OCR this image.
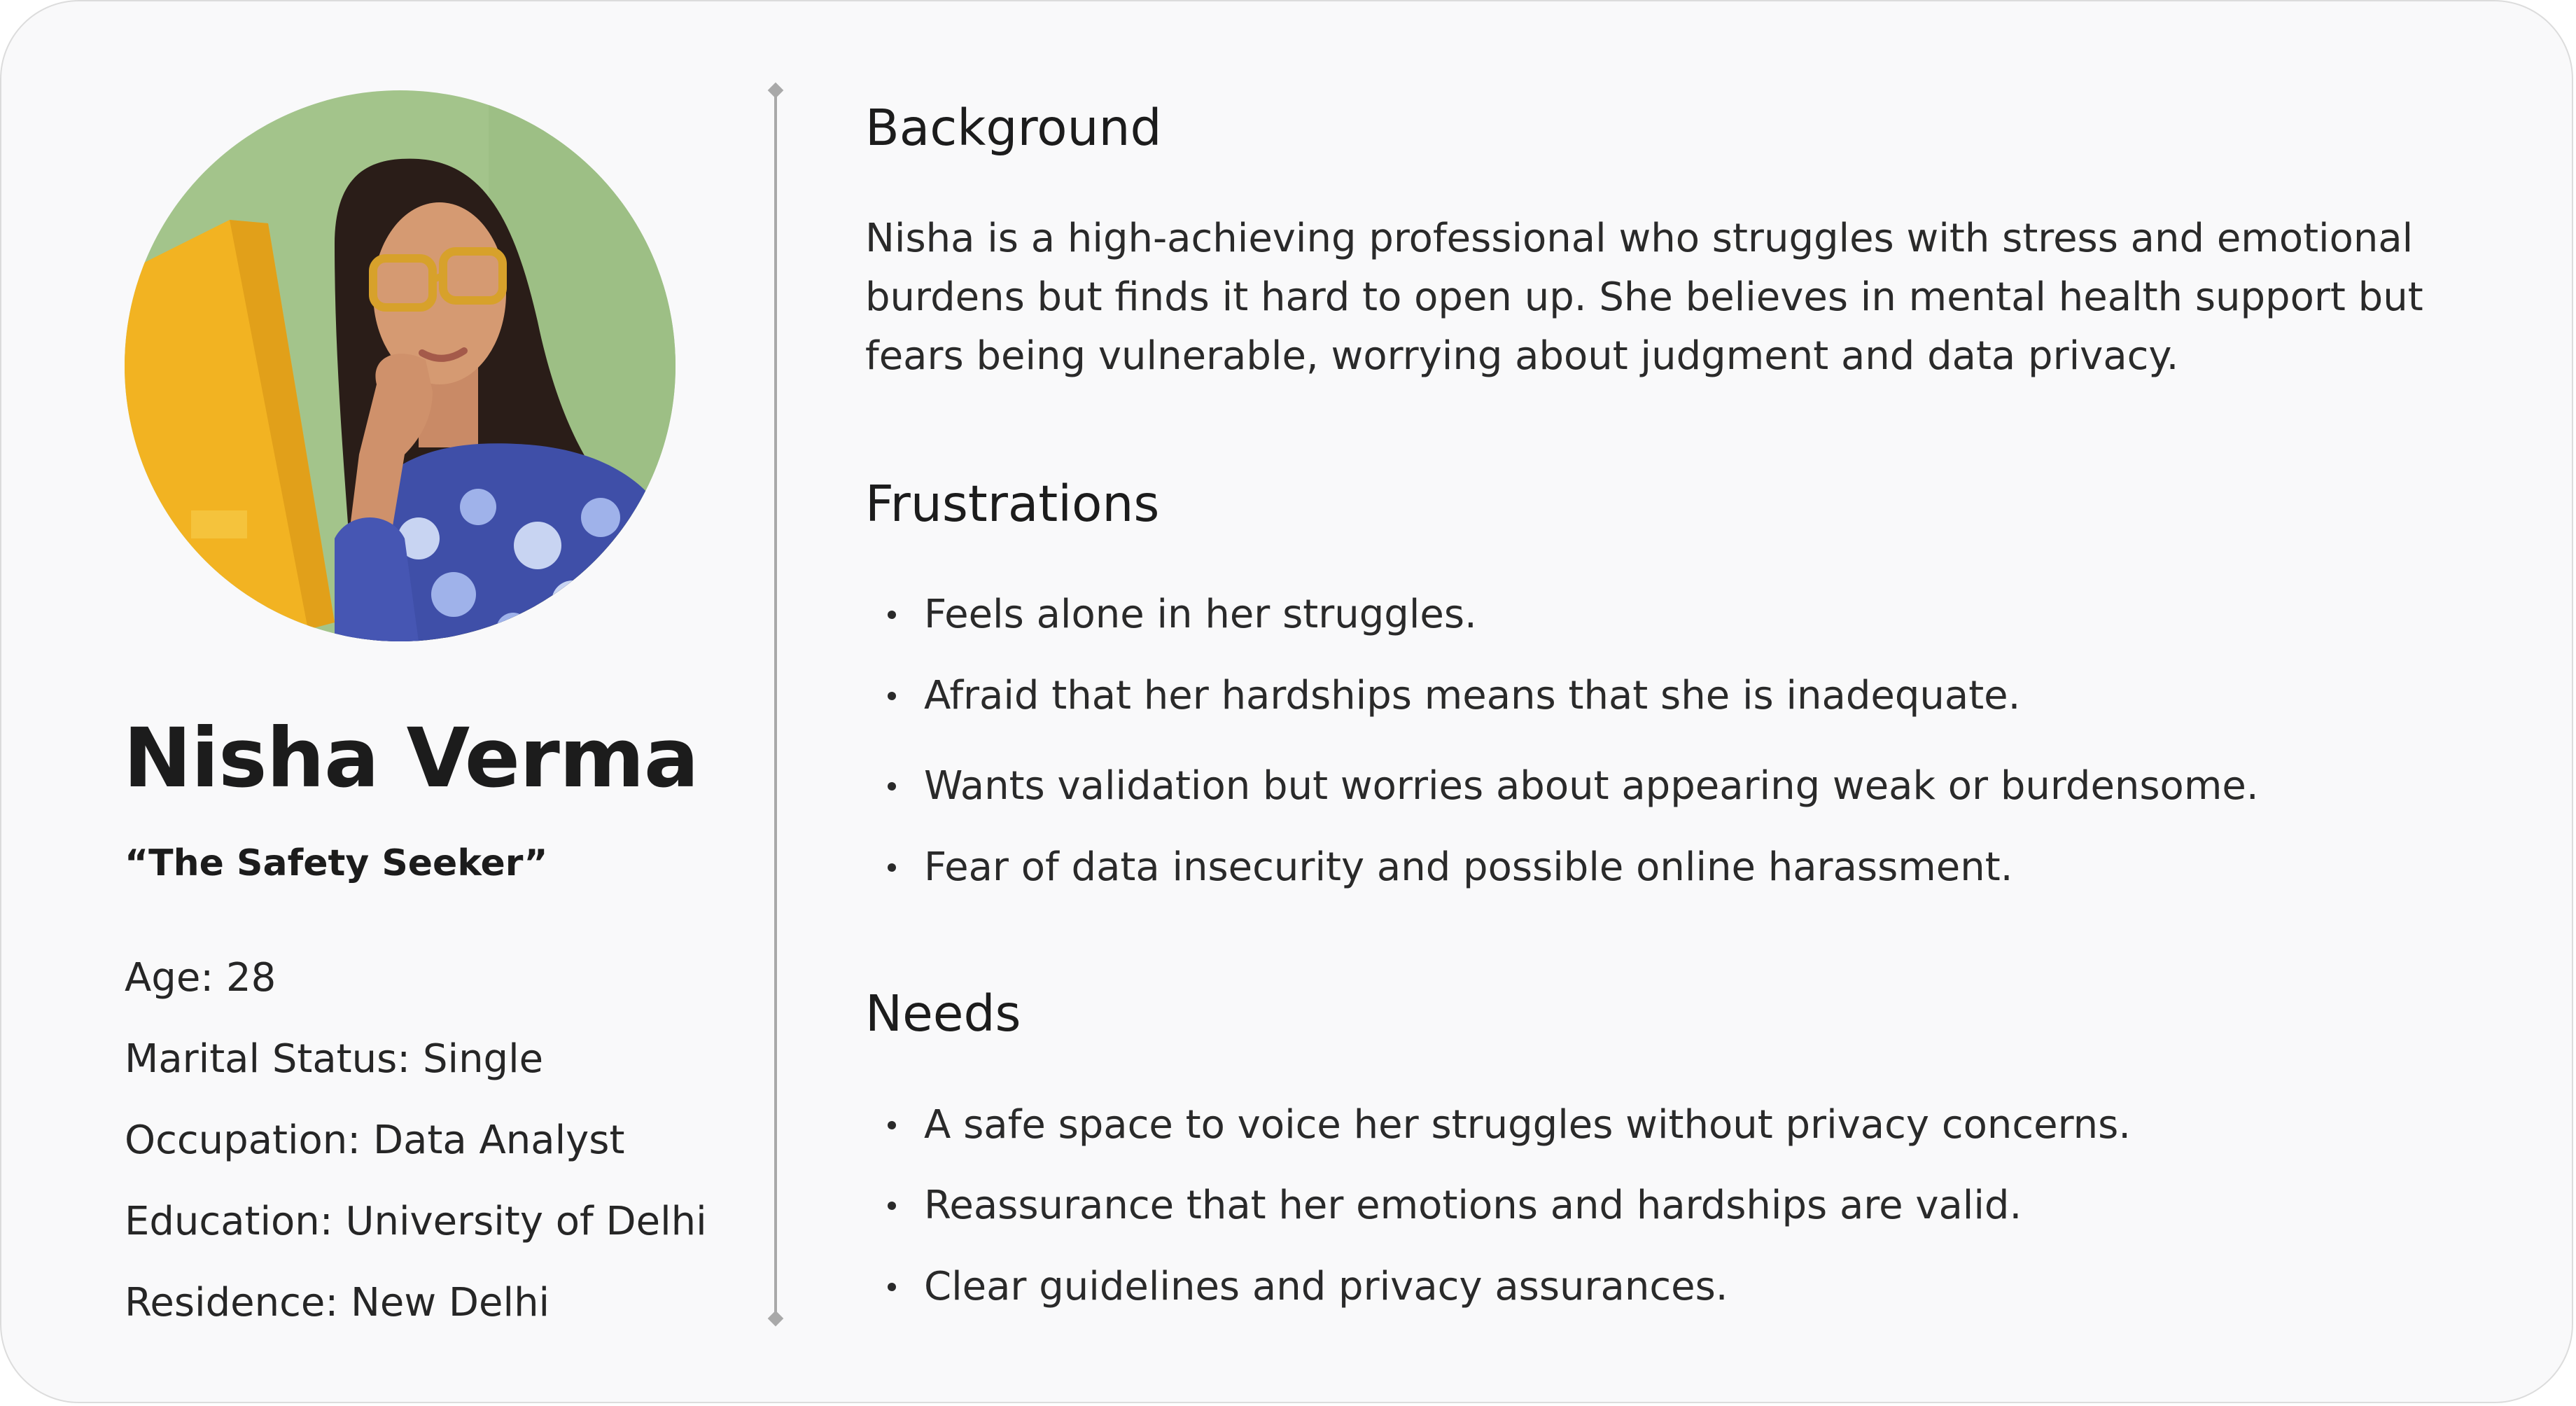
Nisha Verma
“The Safety Seeker”
Age: 28
Marital Status: Single
Occupation: Data Analyst
Education: University of Delhi
Residence: New Delhi
Background

Nisha is a high-achieving professional who struggles with stress and emotional burdens but finds it hard to open up. She believes in mental health support but fears being vulnerable, worrying about judgment and data privacy.

Frustrations
Feels alone in her struggles.
Afraid that her hardships means that she is inadequate.
Wants validation but worries about appearing weak or burdensome.
Fear of data insecurity and possible online harassment.
Needs
A safe space to voice her struggles without privacy concerns.
Reassurance that her emotions and hardships are valid.
Clear guidelines and privacy assurances.
